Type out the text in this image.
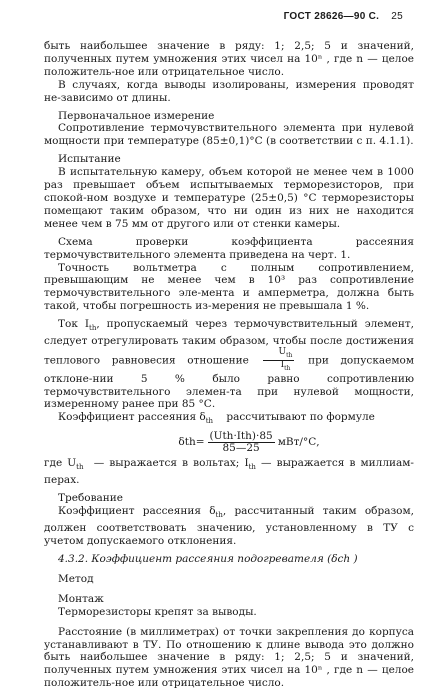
ГОСТ 28626—90 С. 25

быть наибольшее значение в ряду: 1; 2,5; 5 и значений, полученных путем умножения этих чисел на 10ⁿ , где n — целое положитель-ное или отрицательное число.

В случаях, когда выводы изолированы, измерения проводят не-зависимо от длины.

Первоначальное измерение

Сопротивление термочувствительного элемента при нулевой мощности при температуре (85±0,1)°С (в соответствии с п. 4.1.1).

Испытание

В испытательную камеру, объем которой не менее чем в 1000 раз превышает объем испытываемых терморезисторов, при спокой-ном воздухе и температуре (25±0,5) °С терморезисторы помещают таким образом, что ни один из них не находится менее чем в 75 мм от другого или от стенки камеры.

Схема проверки коэффициента рассеяния термочувствительного элемента приведена на черт. 1.

Точность вольтметра с полным сопротивлением, превышающим не менее чем в 10³ раз сопротивление термочувствительного эле-мента и амперметра, должна быть такой, чтобы погрешность из-мерения не превышала 1 %.

Ток $I_{th}$, пропускаемый через термочувствительный элемент, следует отрегулировать таким образом, чтобы после достижения теплового равновесия отношение $\frac{U_{th}}{I_{th}}$ при допускаемом отклоне-нии 5 % было равно сопротивлению термочувствительного элемен-та при нулевой мощности, измеренному ранее при 85 °С.

Коэффициент рассеяния $\delta_{th}$ рассчитывают по формуле

$\delta th= \frac{\text{(Uth·Ith)·85}}{85—25} мВт/^\circ С$,

где $U_{th}$ — выражается в вольтах; $I_{th}$ — выражается в миллиам-перах.

Требование

Коэффициент рассеяния $\delta_{th}$, рассчитанный таким образом, должен соответствовать значению, установленному в ТУ с учетом допускаемого отклонения.

4.3.2. Коэффициент рассеяния подогревателя (δch )

Метод

Монтаж

Терморезисторы крепят за выводы.

Расстояние (в миллиметрах) от точки закрепления до корпуса устанавливают в ТУ. По отношению к длине вывода это должно быть наибольшее значение в ряду: 1; 2,5; 5 и значений, полученных путем умножения этих чисел на 10ⁿ , где n — целое положитель-ное или отрицательное число.
